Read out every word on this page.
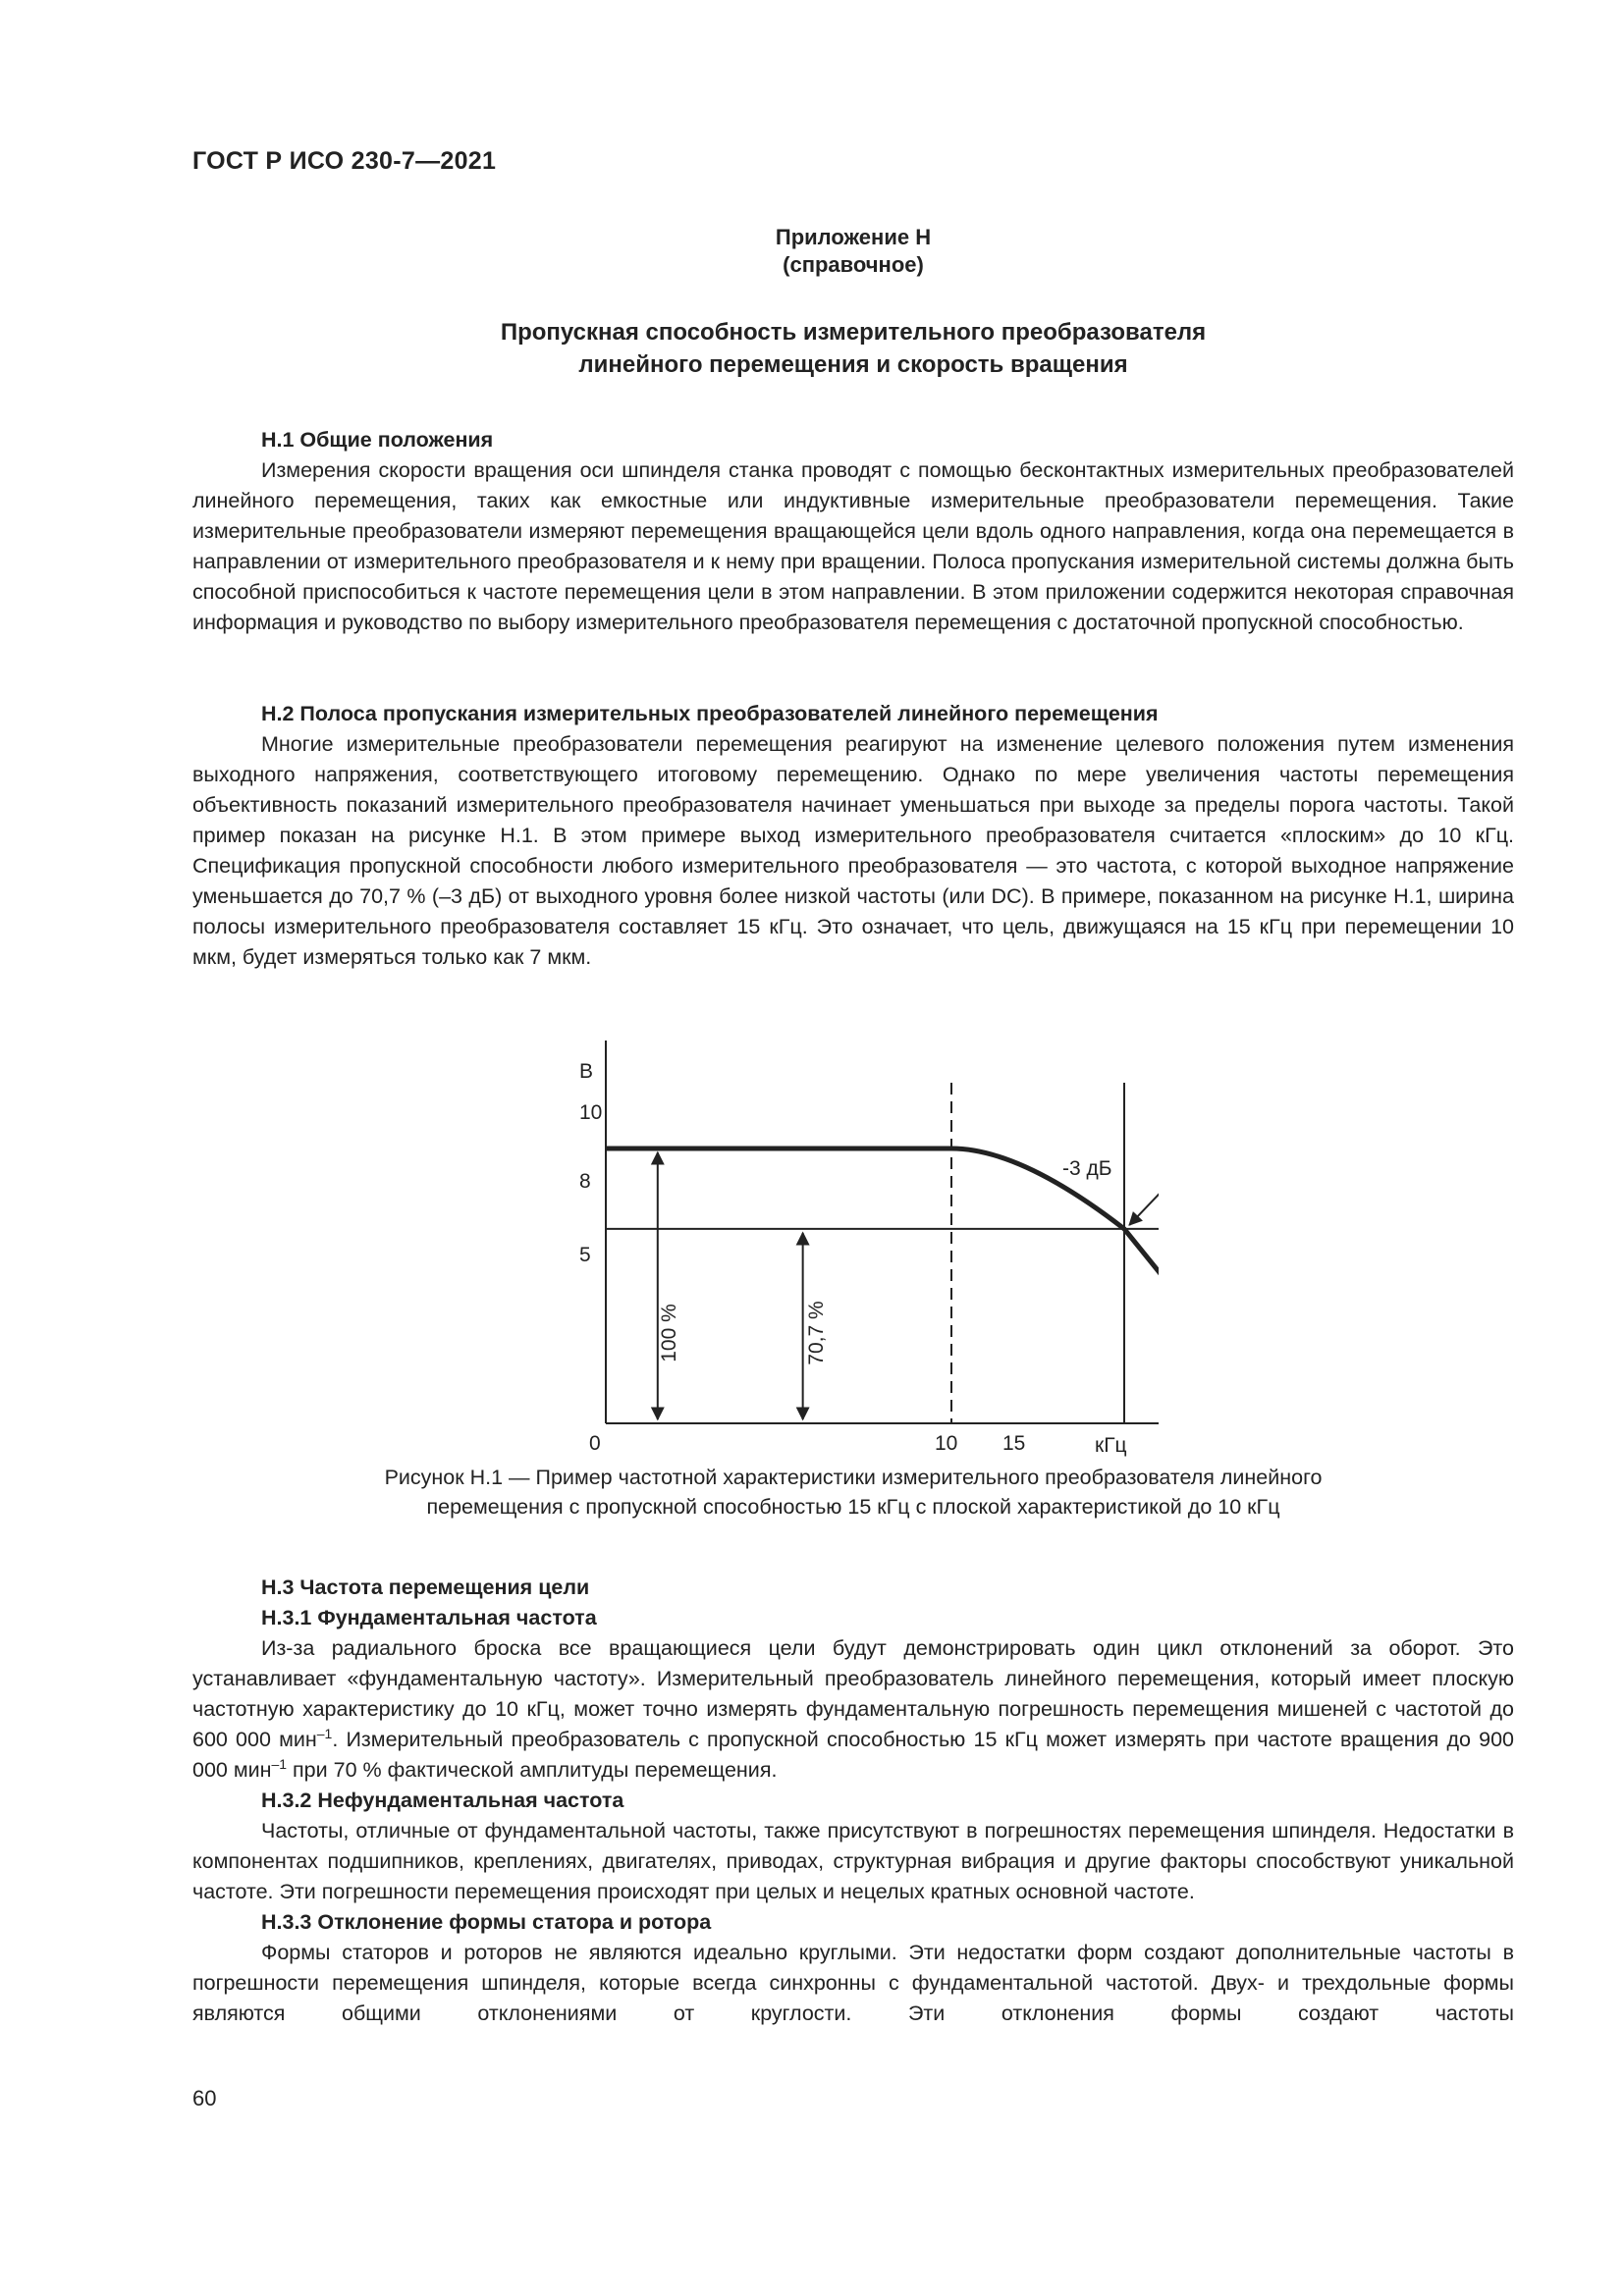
ГОСТ Р ИСО 230-7—2021
Приложение Н
(справочное)
Пропускная способность измерительного преобразователя
линейного перемещения и скорость вращения

Н.1 Общие положения

Измерения скорости вращения оси шпинделя станка проводят с помощью бесконтактных измерительных преобразователей линейного перемещения, таких как емкостные или индуктивные измерительные преобразователи перемещения. Такие измерительные преобразователи измеряют перемещения вращающейся цели вдоль одного направления, когда она перемещается в направлении от измерительного преобразователя и к нему при вращении. Полоса пропускания измерительной системы должна быть способной приспособиться к частоте перемещения цели в этом направлении. В этом приложении содержится некоторая справочная информация и руководство по выбору измерительного преобразователя перемещения с достаточной пропускной способностью.

Н.2 Полоса пропускания измерительных преобразователей линейного перемещения

Многие измерительные преобразователи перемещения реагируют на изменение целевого положения путем изменения выходного напряжения, соответствующего итоговому перемещению. Однако по мере увеличения частоты перемещения объективность показаний измерительного преобразователя начинает уменьшаться при выходе за пределы порога частоты. Такой пример показан на рисунке Н.1. В этом примере выход измерительного преобразователя считается «плоским» до 10 кГц. Спецификация пропускной способности любого измерительного преобразователя — это частота, с которой выходное напряжение уменьшается до 70,7 % (–3 дБ) от выходного уровня более низкой частоты (или DC). В примере, показанном на рисунке Н.1, ширина полосы измерительного преобразователя составляет 15 кГц. Это означает, что цель, движущаяся на 15 кГц при перемещении 10 мкм, будет измеряться только как 7 мкм.

В
10
8
5
0	10 15	кГц
-3 дБ
100 %	70,7 %
Рисунок Н.1 — Пример частотной характеристики измерительного преобразователя линейного
перемещения с пропускной способностью 15 кГц с плоской характеристикой до 10 кГц

Н.3 Частота перемещения цели

Н.3.1 Фундаментальная частота

Из-за радиального броска все вращающиеся цели будут демонстрировать один цикл отклонений за оборот. Это устанавливает «фундаментальную частоту». Измерительный преобразователь линейного перемещения, который имеет плоскую частотную характеристику до 10 кГц, может точно измерять фундаментальную погрешность перемещения мишеней с частотой до 600 000 мин$^{-1}$. Измерительный преобразователь с пропускной способностью 15 кГц может измерять при частоте вращения до 900 000 мин$^{-1}$ при 70 % фактической амплитуды перемещения.

Н.3.2 Нефундаментальная частота

Частоты, отличные от фундаментальной частоты, также присутствуют в погрешностях перемещения шпинделя. Недостатки в компонентах подшипников, креплениях, двигателях, приводах, структурная вибрация и другие факторы способствуют уникальной частоте. Эти погрешности перемещения происходят при целых и нецелых кратных основной частоте.

Н.3.3 Отклонение формы статора и ротора

Формы статоров и роторов не являются идеально круглыми. Эти недостатки форм создают дополнительные частоты в погрешности перемещения шпинделя, которые всегда синхронны с фундаментальной частотой. Двух- и трехдольные формы являются общими отклонениями от круглости. Эти отклонения формы создают частоты

60
